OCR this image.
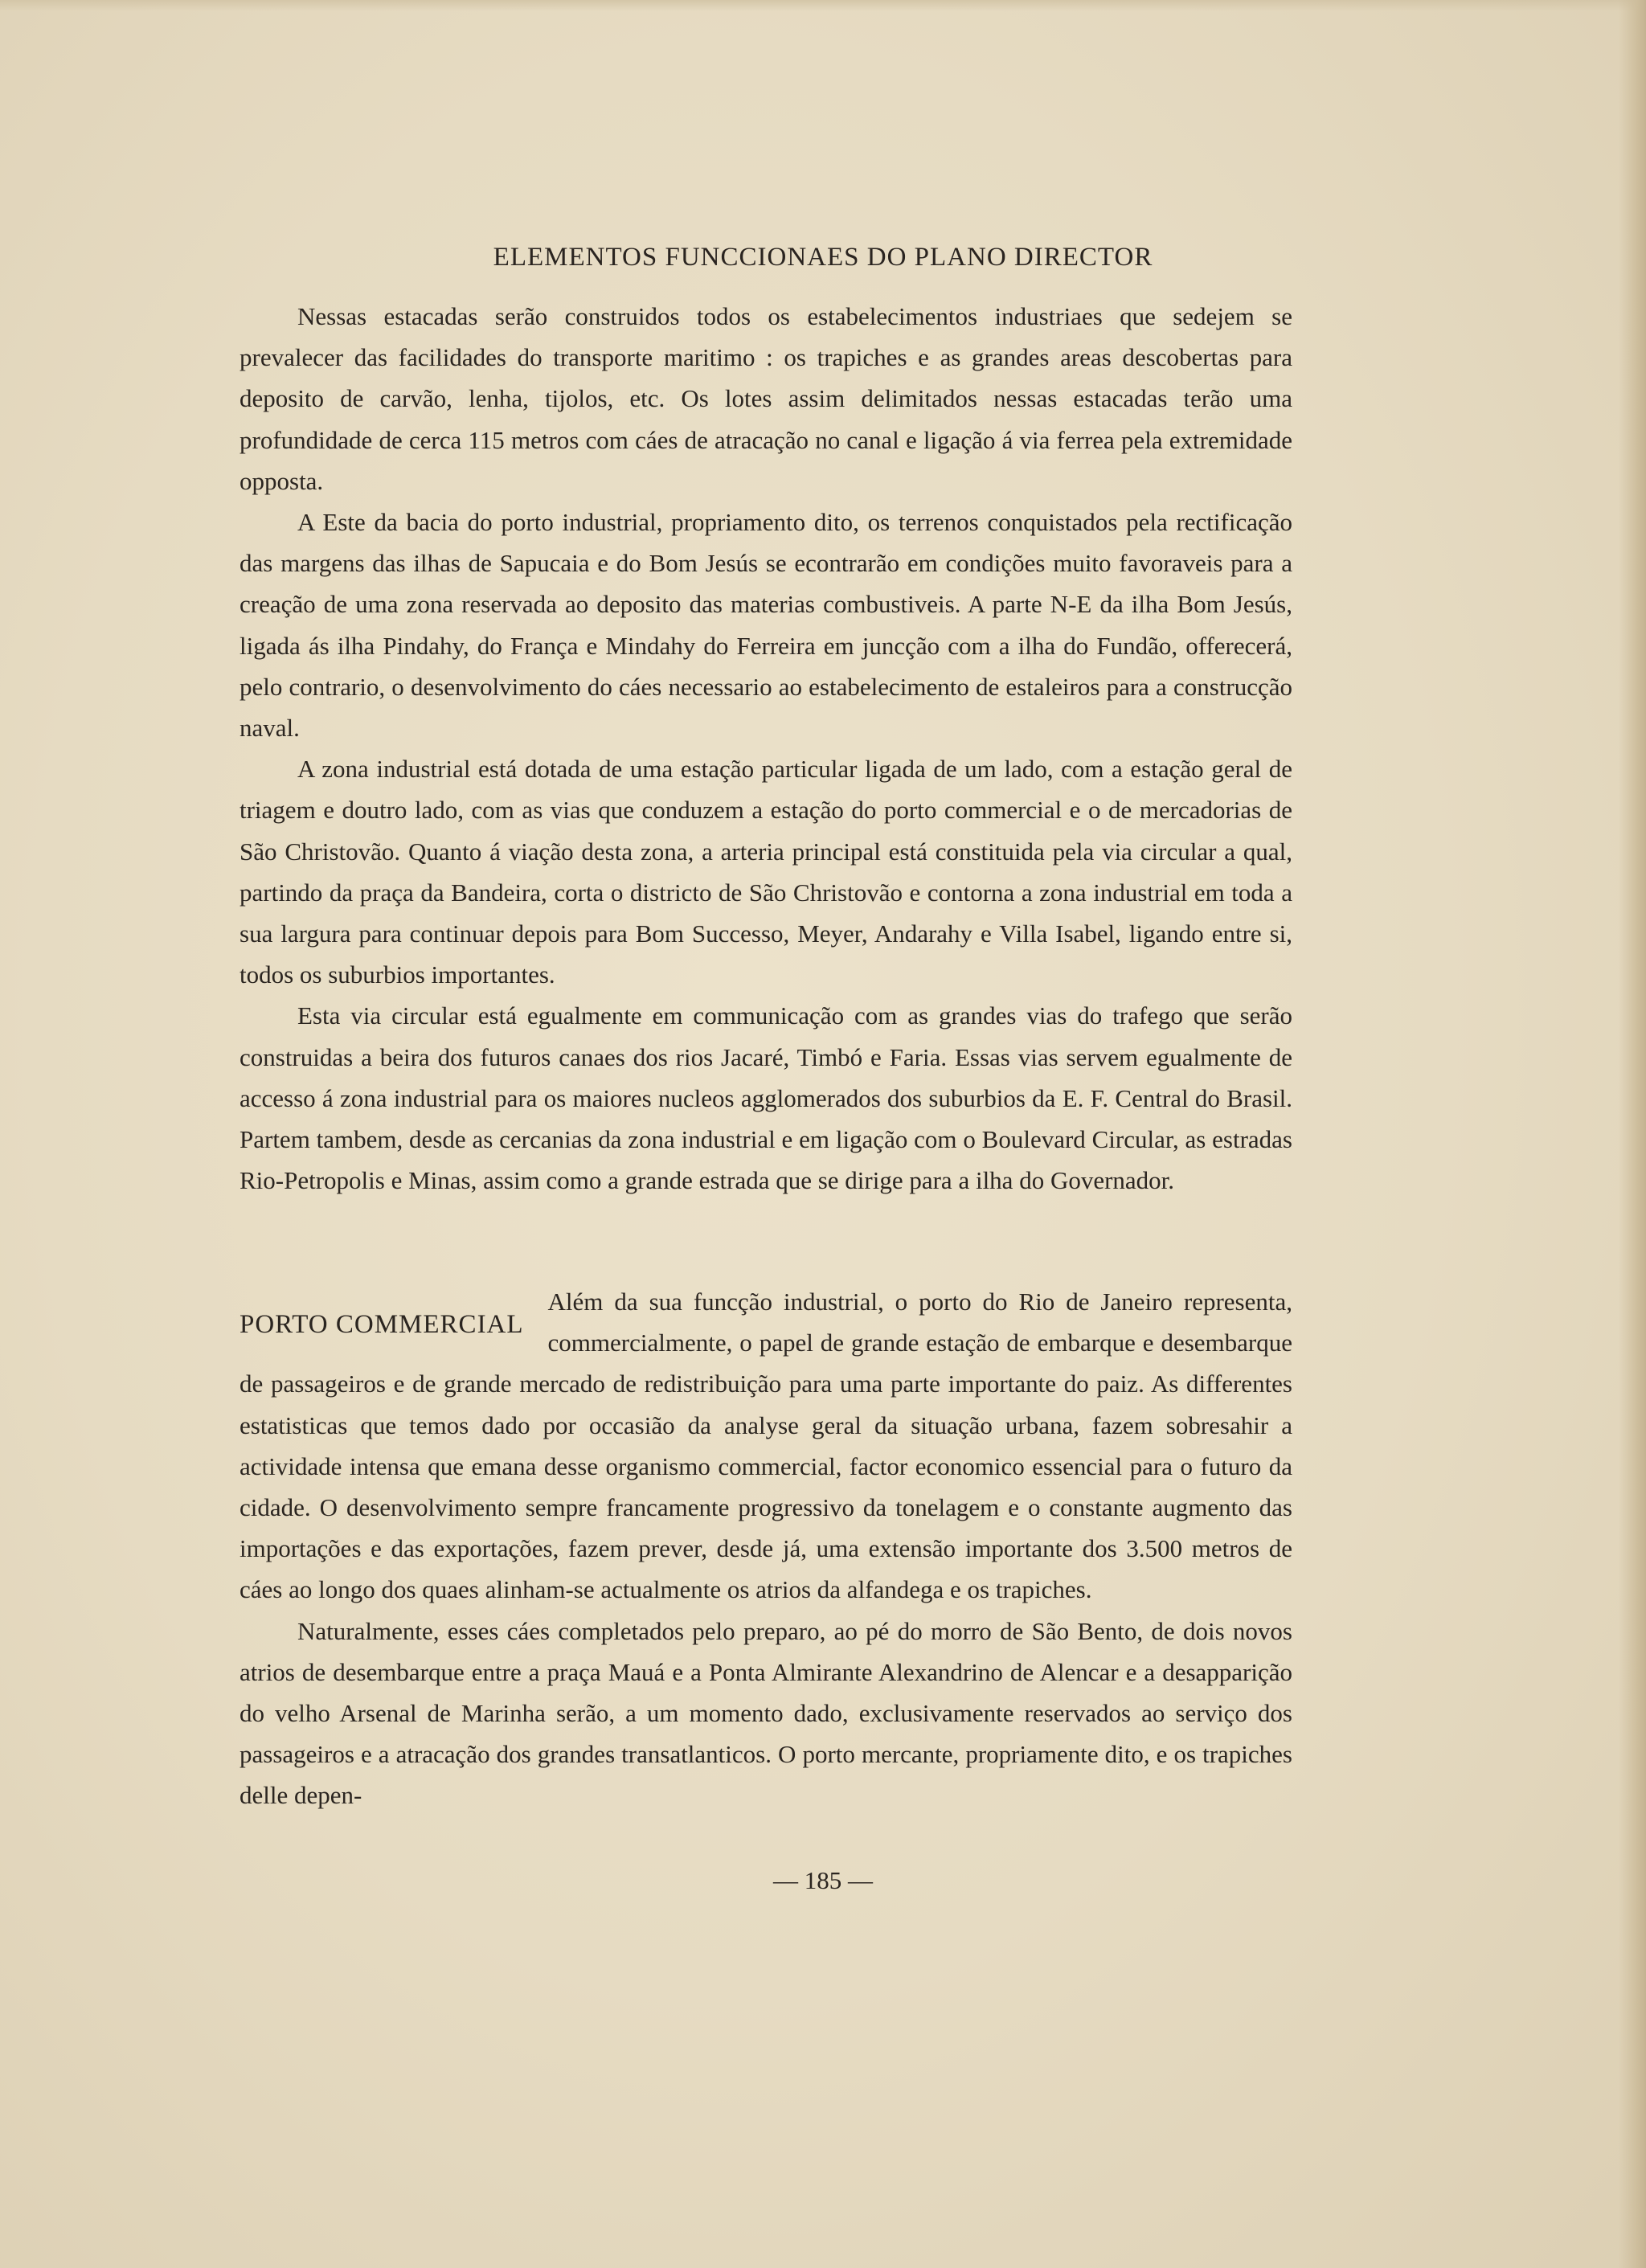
ELEMENTOS FUNCCIONAES DO PLANO DIRECTOR

Nessas estacadas serão construidos todos os estabelecimentos industriaes que sedejem se prevalecer das facilidades do transporte maritimo : os trapiches e as grandes areas descobertas para deposito de carvão, lenha, tijolos, etc. Os lotes assim delimitados nessas estacadas terão uma profundidade de cerca 115 metros com cáes de atracação no canal e ligação á via ferrea pela extremidade opposta.

A Este da bacia do porto industrial, propriamento dito, os terrenos conquistados pela rectificação das margens das ilhas de Sapucaia e do Bom Jesús se econtrarão em condições muito favoraveis para a creação de uma zona reservada ao deposito das materias combustiveis. A parte N-E da ilha Bom Jesús, ligada ás ilha Pindahy, do França e Mindahy do Ferreira em juncção com a ilha do Fundão, offerecerá, pelo contrario, o desenvolvimento do cáes necessario ao estabelecimento de estaleiros para a construcção naval.

A zona industrial está dotada de uma estação particular ligada de um lado, com a estação geral de triagem e doutro lado, com as vias que conduzem a estação do porto commercial e o de mercadorias de São Christovão. Quanto á viação desta zona, a arteria principal está constituida pela via circular a qual, partindo da praça da Bandeira, corta o districto de São Christovão e contorna a zona industrial em toda a sua largura para continuar depois para Bom Successo, Meyer, Andarahy e Villa Isabel, ligando entre si, todos os suburbios importantes.

Esta via circular está egualmente em communicação com as grandes vias do trafego que serão construidas a beira dos futuros canaes dos rios Jacaré, Timbó e Faria. Essas vias servem egualmente de accesso á zona industrial para os maiores nucleos agglomerados dos suburbios da E. F. Central do Brasil. Partem tambem, desde as cercanias da zona industrial e em ligação com o Boulevard Circular, as estradas Rio-Petropolis e Minas, assim como a grande estrada que se dirige para a ilha do Governador.

PORTO COMMERCIAL

Além da sua funcção industrial, o porto do Rio de Janeiro representa, commercialmente, o papel de grande estação de embarque e desembarque de passageiros e de grande mercado de redistribuição para uma parte importante do paiz. As differentes estatisticas que temos dado por occasião da analyse geral da situação urbana, fazem sobresahir a actividade intensa que emana desse organismo commercial, factor economico essencial para o futuro da cidade. O desenvolvimento sempre francamente progressivo da tonelagem e o constante augmento das importações e das exportações, fazem prever, desde já, uma extensão importante dos 3.500 metros de cáes ao longo dos quaes alinham-se actualmente os atrios da alfandega e os trapiches.

Naturalmente, esses cáes completados pelo preparo, ao pé do morro de São Bento, de dois novos atrios de desembarque entre a praça Mauá e a Ponta Almirante Alexandrino de Alencar e a desapparição do velho Arsenal de Marinha serão, a um momento dado, exclusivamente reservados ao serviço dos passageiros e a atracação dos grandes transatlanticos. O porto mercante, propriamente dito, e os trapiches delle depen-

— 185 —
